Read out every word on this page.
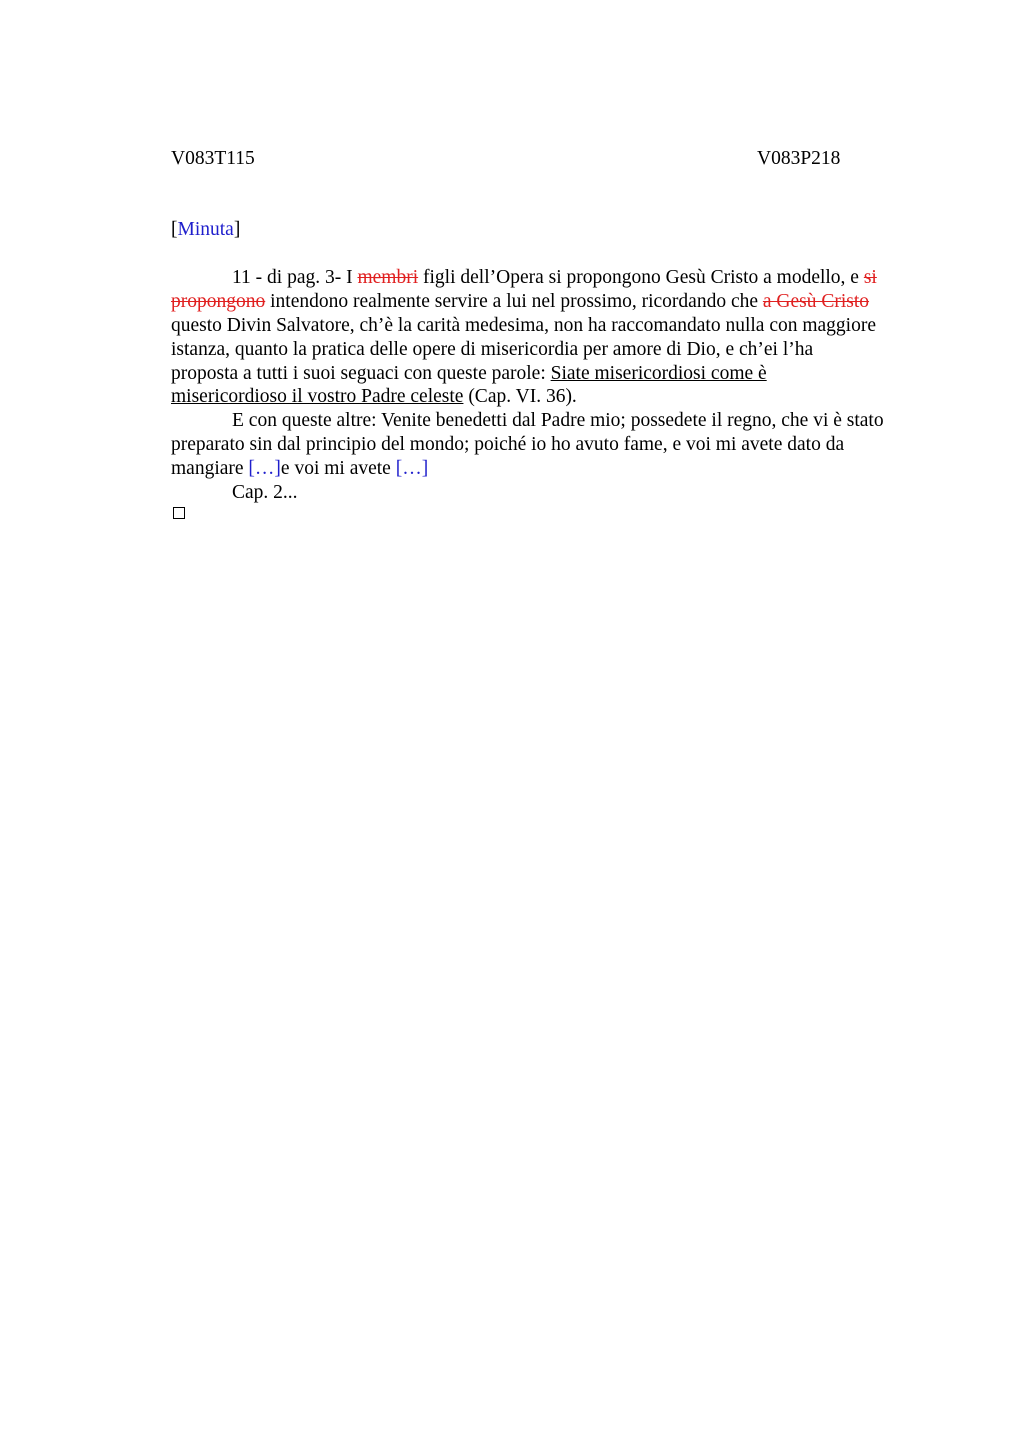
V083T115	V083P218
[Minuta]
11 - di pag. 3- I membri figli dell’Opera si propongono Gesù Cristo a modello, e si
propongono intendono realmente servire a lui nel prossimo, ricordando che a Gesù Cristo
questo Divin Salvatore, ch’è la carità medesima, non ha raccomandato nulla con maggiore
istanza, quanto la pratica delle opere di misericordia per amore di Dio, e ch’ei l’ha
proposta a tutti i suoi seguaci con queste parole: Siate misericordiosi come è
misericordioso il vostro Padre celeste (Cap. VI. 36).
E con queste altre: Venite benedetti dal Padre mio; possedete il regno, che vi è stato
preparato sin dal principio del mondo; poiché io ho avuto fame, e voi mi avete dato da
mangiare […]e voi mi avete […]
Cap. 2...
